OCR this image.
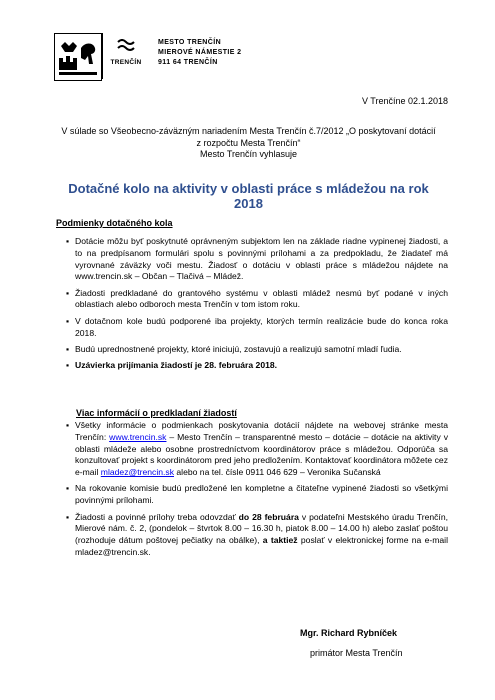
TRENČÍN
MESTO TRENČÍN
MIEROVÉ NÁMESTIE 2
911 64 TRENČÍN
V Trenčíne 02.1.2018
V súlade so Všeobecno-záväzným nariadením Mesta Trenčín č.7/2012 „O poskytovaní dotácií
z rozpočtu Mesta Trenčín“
Mesto Trenčín vyhlasuje
Dotačné kolo na aktivity v oblasti práce s mládežou na rok 2018
Podmienky dotačného kola
▪ Dotácie môžu byť poskytnuté oprávneným subjektom len na základe riadne vypinenej žiadosti, a to na predpísanom formulári spolu s povinnými prílohami a za predpokladu, že žiadateľ má vyrovnané záväzky voči mestu. Žiadosť o dotáciu v oblasti práce s mládežou nájdete na www.trencin.sk – Občan – Tlačivá – Mládež.
▪ Žiadosti predkladané do grantového systému v oblasti mládež nesmú byť podané v iných oblastiach alebo odboroch mesta Trenčín v tom istom roku.
▪ V dotačnom kole budú podporené iba projekty, ktorých termín realizácie bude do konca roka 2018.
▪ Budú uprednostnené projekty, ktoré iniciujú, zostavujú a realizujú samotní mladí ľudia.
▪ Uzávierka prijímania žiadostí je 28. februára 2018.
Viac informácií o predkladaní žiadostí
▪ Všetky informácie o podmienkach poskytovania dotácií nájdete na webovej stránke mesta Trenčín: www.trencin.sk – Mesto Trenčín – transparentné mesto – dotácie – dotácie na aktivity v oblasti mládeže alebo osobne prostredníctvom koordinátorov práce s mládežou. Odporúča sa konzultovať projekt s koordinátorom pred jeho predložením. Kontaktovať koordinátora môžete cez e-mail mladez@trencin.sk alebo na tel. čísle 0911 046 629 – Veronika Sučanská
▪ Na rokovanie komisie budú predložené len kompletne a čitateľne vypinené žiadosti so všetkými povinnými prílohami.
▪ Žiadosti a povinné prílohy treba odovzdať do 28 februára v podateľni Mestského úradu Trenčín, Mierové nám. č. 2, (pondelok – štvrtok 8.00 – 16.30 h, piatok 8.00 – 14.00 h) alebo zaslať poštou (rozhoduje dátum poštovej pečiatky na obálke), a taktiež poslať v elektronickej forme na e-mail mladez@trencin.sk.
Mgr. Richard Rybníček
primátor Mesta Trenčín
